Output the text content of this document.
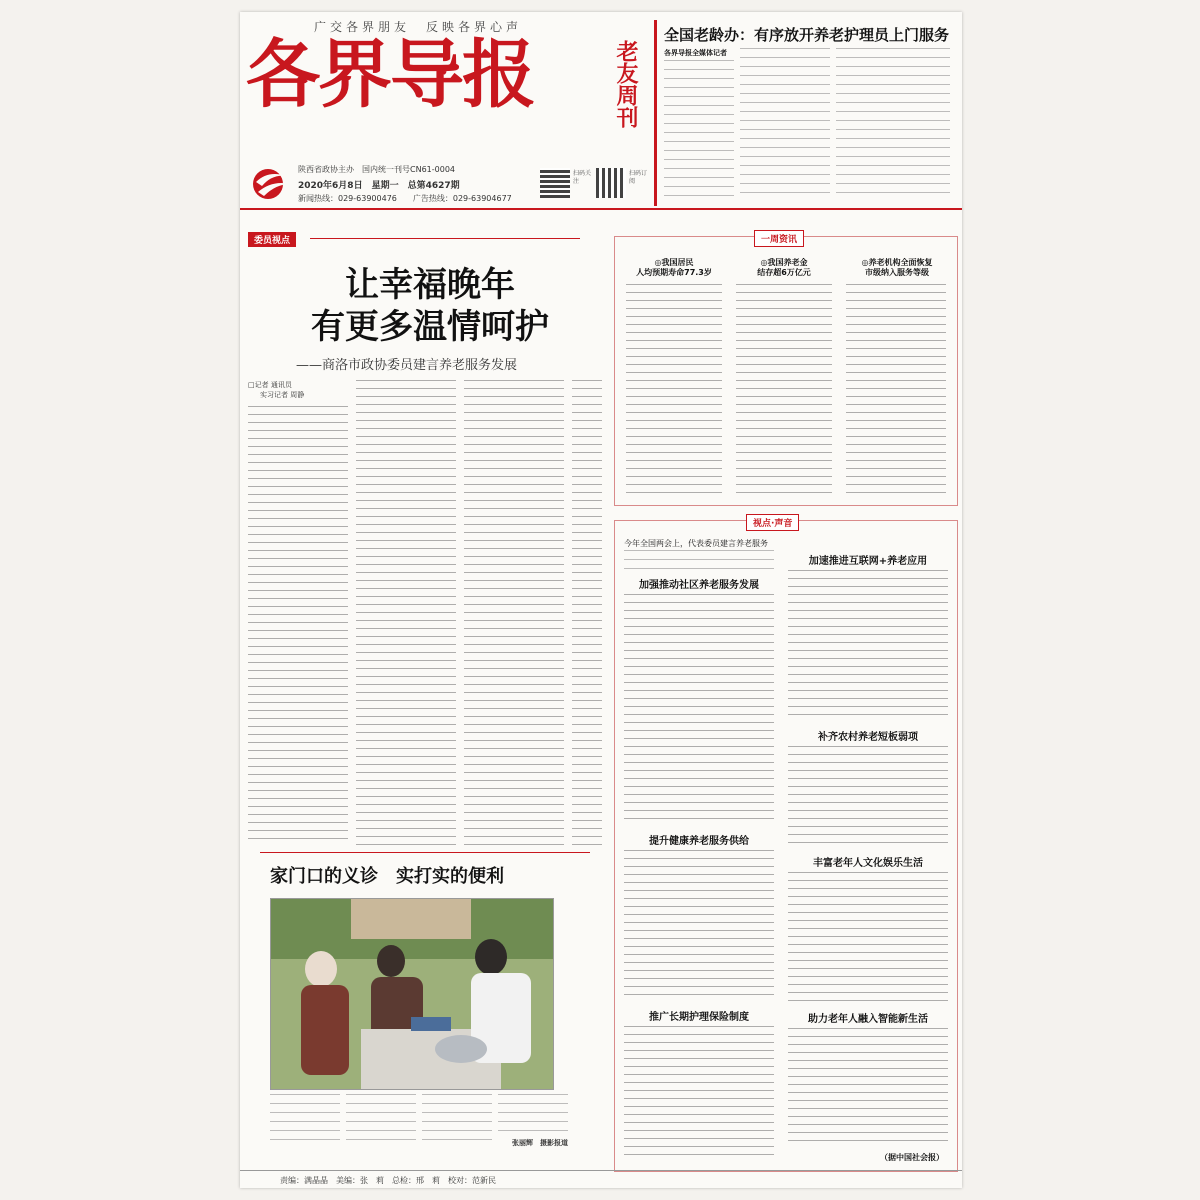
广交各界朋友　反映各界心声
各界导报	老友周刊
陕西省政协主办　国内统一刊号CN61-0004
2020年6月8日　星期一　总第4627期
新闻热线：029-63900476　　广告热线：029-63904677
扫码关注
扫码订阅
全国老龄办：有序放开养老护理员上门服务
各界导报全媒体记者
委员视点
让幸福晚年
有更多温情呵护
——商洛市政协委员建言养老服务发展
□记者 通讯员
实习记者 周静
家门口的义诊　实打实的便利
张丽辉　摄影报道
一周资讯
◎我国居民
人均预期寿命77.3岁
◎我国养老金
结存超6万亿元
◎养老机构全面恢复
市级纳入服务等级
视点·声音
今年全国两会上，代表委员建言养老服务
加强推动社区养老服务发展
提升健康养老服务供给
推广长期护理保险制度
加速推进互联网+养老应用
补齐农村养老短板弱项
丰富老年人文化娱乐生活
助力老年人融入智能新生活
（据中国社会报）
责编：满晶晶　美编：张　莉　总检：邢　莉　校对：范新民
